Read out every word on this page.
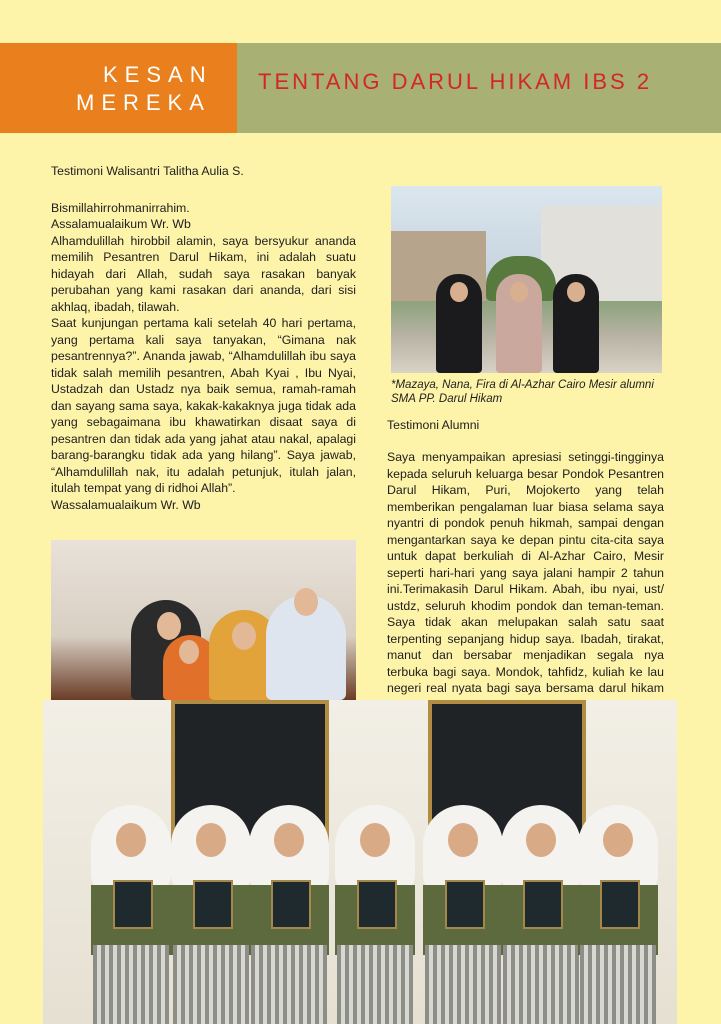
KESAN
MEREKA
TENTANG DARUL HIKAM IBS 2

Testimoni Walisantri Talitha Aulia S.

Bismillahirrohmanirrahim.

Assalamualaikum Wr. Wb

Alhamdulillah hirobbil alamin, saya bersyukur ananda memilih Pesantren Darul Hikam, ini adalah suatu hidayah dari Allah, sudah saya rasakan banyak perubahan yang kami rasakan dari ananda, dari sisi akhlaq, ibadah, tilawah.

Saat kunjungan pertama kali setelah 40 hari pertama, yang pertama kali saya tanyakan, “Gimana nak pesantrennya?”. Ananda jawab, “Alhamdulillah ibu saya tidak salah memilih pesantren, Abah Kyai , Ibu Nyai, Ustadzah dan Ustadz nya baik semua, ramah-ramah dan sayang sama saya, kakak-kakaknya juga tidak ada yang sebagaimana ibu khawatirkan disaat saya di pesantren dan tidak ada yang jahat atau nakal, apalagi barang-barangku tidak ada yang hilang”. Saya jawab, “Alhamdulillah nak, itu adalah petunjuk, itulah jalan, itulah tempat yang di ridhoi Allah”.

Wassalamualaikum Wr. Wb

*Mazaya, Nana, Fira di Al-Azhar Cairo Mesir alumni SMA PP. Darul Hikam
Testimoni Alumni
Saya menyampaikan apresiasi setinggi-tingginya kepada seluruh keluarga besar Pondok Pesantren Darul Hikam, Puri, Mojokerto yang telah memberikan pengalaman luar biasa selama saya nyantri di pondok penuh hikmah, sampai dengan mengantarkan saya ke depan pintu cita-cita saya untuk dapat berkuliah di Al-Azhar Cairo, Mesir seperti hari-hari yang saya jalani hampir 2 tahun ini.Terimakasih Darul Hikam. Abah, ibu nyai, ust/ ustdz, seluruh khodim pondok dan teman-teman. Saya tidak akan melupakan salah satu saat terpenting sepanjang hidup saya. Ibadah, tirakat, manut dan bersabar menjadikan segala nya terbuka bagi saya. Mondok, tahfidz, kuliah ke lau negeri real nyata bagi saya bersama darul hikam
